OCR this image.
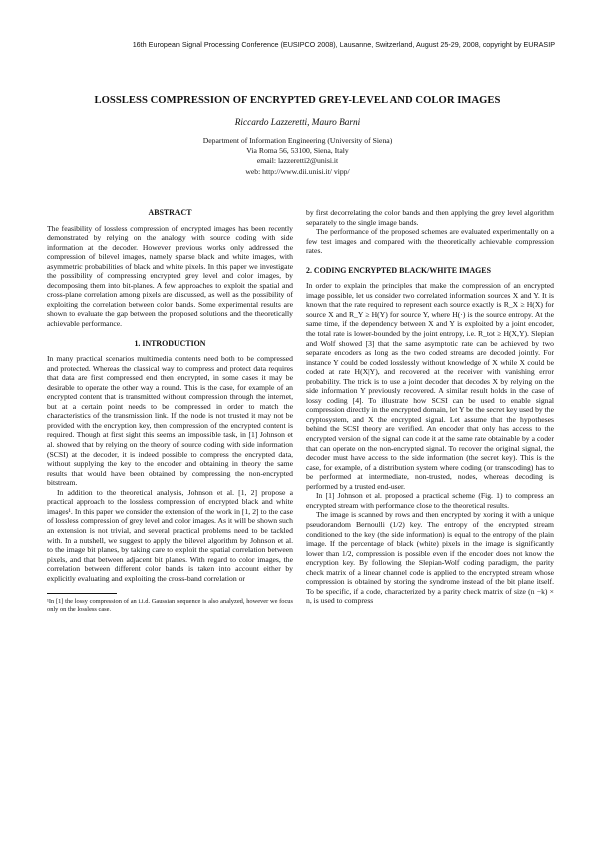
16th European Signal Processing Conference (EUSIPCO 2008), Lausanne, Switzerland, August 25-29, 2008, copyright by EURASIP
LOSSLESS COMPRESSION OF ENCRYPTED GREY-LEVEL AND COLOR IMAGES
Riccardo Lazzeretti, Mauro Barni
Department of Information Engineering (University of Siena)
Via Roma 56, 53100, Siena, Italy
email: lazzeretti2@unisi.it
web: http://www.dii.unisi.it/ vipp/
ABSTRACT

The feasibility of lossless compression of encrypted images has been recently demonstrated by relying on the analogy with source coding with side information at the decoder. However previous works only addressed the compression of bilevel images, namely sparse black and white images, with asymmetric probabilities of black and white pixels. In this paper we investigate the possibility of compressing encrypted grey level and color images, by decomposing them into bit-planes. A few approaches to exploit the spatial and cross-plane correlation among pixels are discussed, as well as the possibility of exploiting the correlation between color bands. Some experimental results are shown to evaluate the gap between the proposed solutions and the theoretically achievable performance.

1. INTRODUCTION

In many practical scenarios multimedia contents need both to be compressed and protected. Whereas the classical way to compress and protect data requires that data are first compressed end then encrypted, in some cases it may be desirable to operate the other way a round. This is the case, for example of an encrypted content that is transmitted without compression through the internet, but at a certain point needs to be compressed in order to match the characteristics of the transmission link. If the node is not trusted it may not be provided with the encryption key, then compression of the encrypted content is required. Though at first sight this seems an impossible task, in [1] Johnson et al. showed that by relying on the theory of source coding with side information (SCSI) at the decoder, it is indeed possible to compress the encrypted data, without supplying the key to the encoder and obtaining in theory the same results that would have been obtained by compressing the non-encrypted bitstream.

In addition to the theoretical analysis, Johnson et al. [1, 2] propose a practical approach to the lossless compression of encrypted black and white images¹. In this paper we consider the extension of the work in [1, 2] to the case of lossless compression of grey level and color images. As it will be shown such an extension is not trivial, and several practical problems need to be tackled with. In a nutshell, we suggest to apply the bilevel algorithm by Johnson et al. to the image bit planes, by taking care to exploit the spatial correlation between pixels, and that between adjacent bit planes. With regard to color images, the correlation between different color bands is taken into account either by explicitly evaluating and exploiting the cross-band correlation or

¹In [1] the lossy compression of an i.i.d. Gaussian sequence is also analyzed, however we focus only on the lossless case.

by first decorrelating the color bands and then applying the grey level algorithm separately to the single image bands.

The performance of the proposed schemes are evaluated experimentally on a few test images and compared with the theoretically achievable compression rates.

2. CODING ENCRYPTED BLACK/WHITE IMAGES

In order to explain the principles that make the compression of an encrypted image possible, let us consider two correlated information sources X and Y. It is known that the rate required to represent each source exactly is R_X ≥ H(X) for source X and R_Y ≥ H(Y) for source Y, where H(·) is the source entropy. At the same time, if the dependency between X and Y is exploited by a joint encoder, the total rate is lower-bounded by the joint entropy, i.e. R_tot ≥ H(X,Y). Slepian and Wolf showed [3] that the same asymptotic rate can be achieved by two separate encoders as long as the two coded streams are decoded jointly. For instance Y could be coded losslessly without knowledge of X while X could be coded at rate H(X|Y), and recovered at the receiver with vanishing error probability. The trick is to use a joint decoder that decodes X by relying on the side information Y previously recovered. A similar result holds in the case of lossy coding [4]. To illustrate how SCSI can be used to enable signal compression directly in the encrypted domain, let Y be the secret key used by the cryptosystem, and X the encrypted signal. Let assume that the hypotheses behind the SCSI theory are verified. An encoder that only has access to the encrypted version of the signal can code it at the same rate obtainable by a coder that can operate on the non-encrypted signal. To recover the original signal, the decoder must have access to the side information (the secret key). This is the case, for example, of a distribution system where coding (or transcoding) has to be performed at intermediate, non-trusted, nodes, whereas decoding is performed by a trusted end-user.

In [1] Johnson et al. proposed a practical scheme (Fig. 1) to compress an encrypted stream with performance close to the theoretical results.

The image is scanned by rows and then encrypted by xoring it with a unique pseudorandom Bernoulli (1/2) key. The entropy of the encrypted stream conditioned to the key (the side information) is equal to the entropy of the plain image. If the percentage of black (white) pixels in the image is significantly lower than 1/2, compression is possible even if the encoder does not know the encryption key. By following the Slepian-Wolf coding paradigm, the parity check matrix of a linear channel code is applied to the encrypted stream whose compression is obtained by storing the syndrome instead of the bit plane itself. To be specific, if a code, characterized by a parity check matrix of size (n −k) × n, is used to compress
